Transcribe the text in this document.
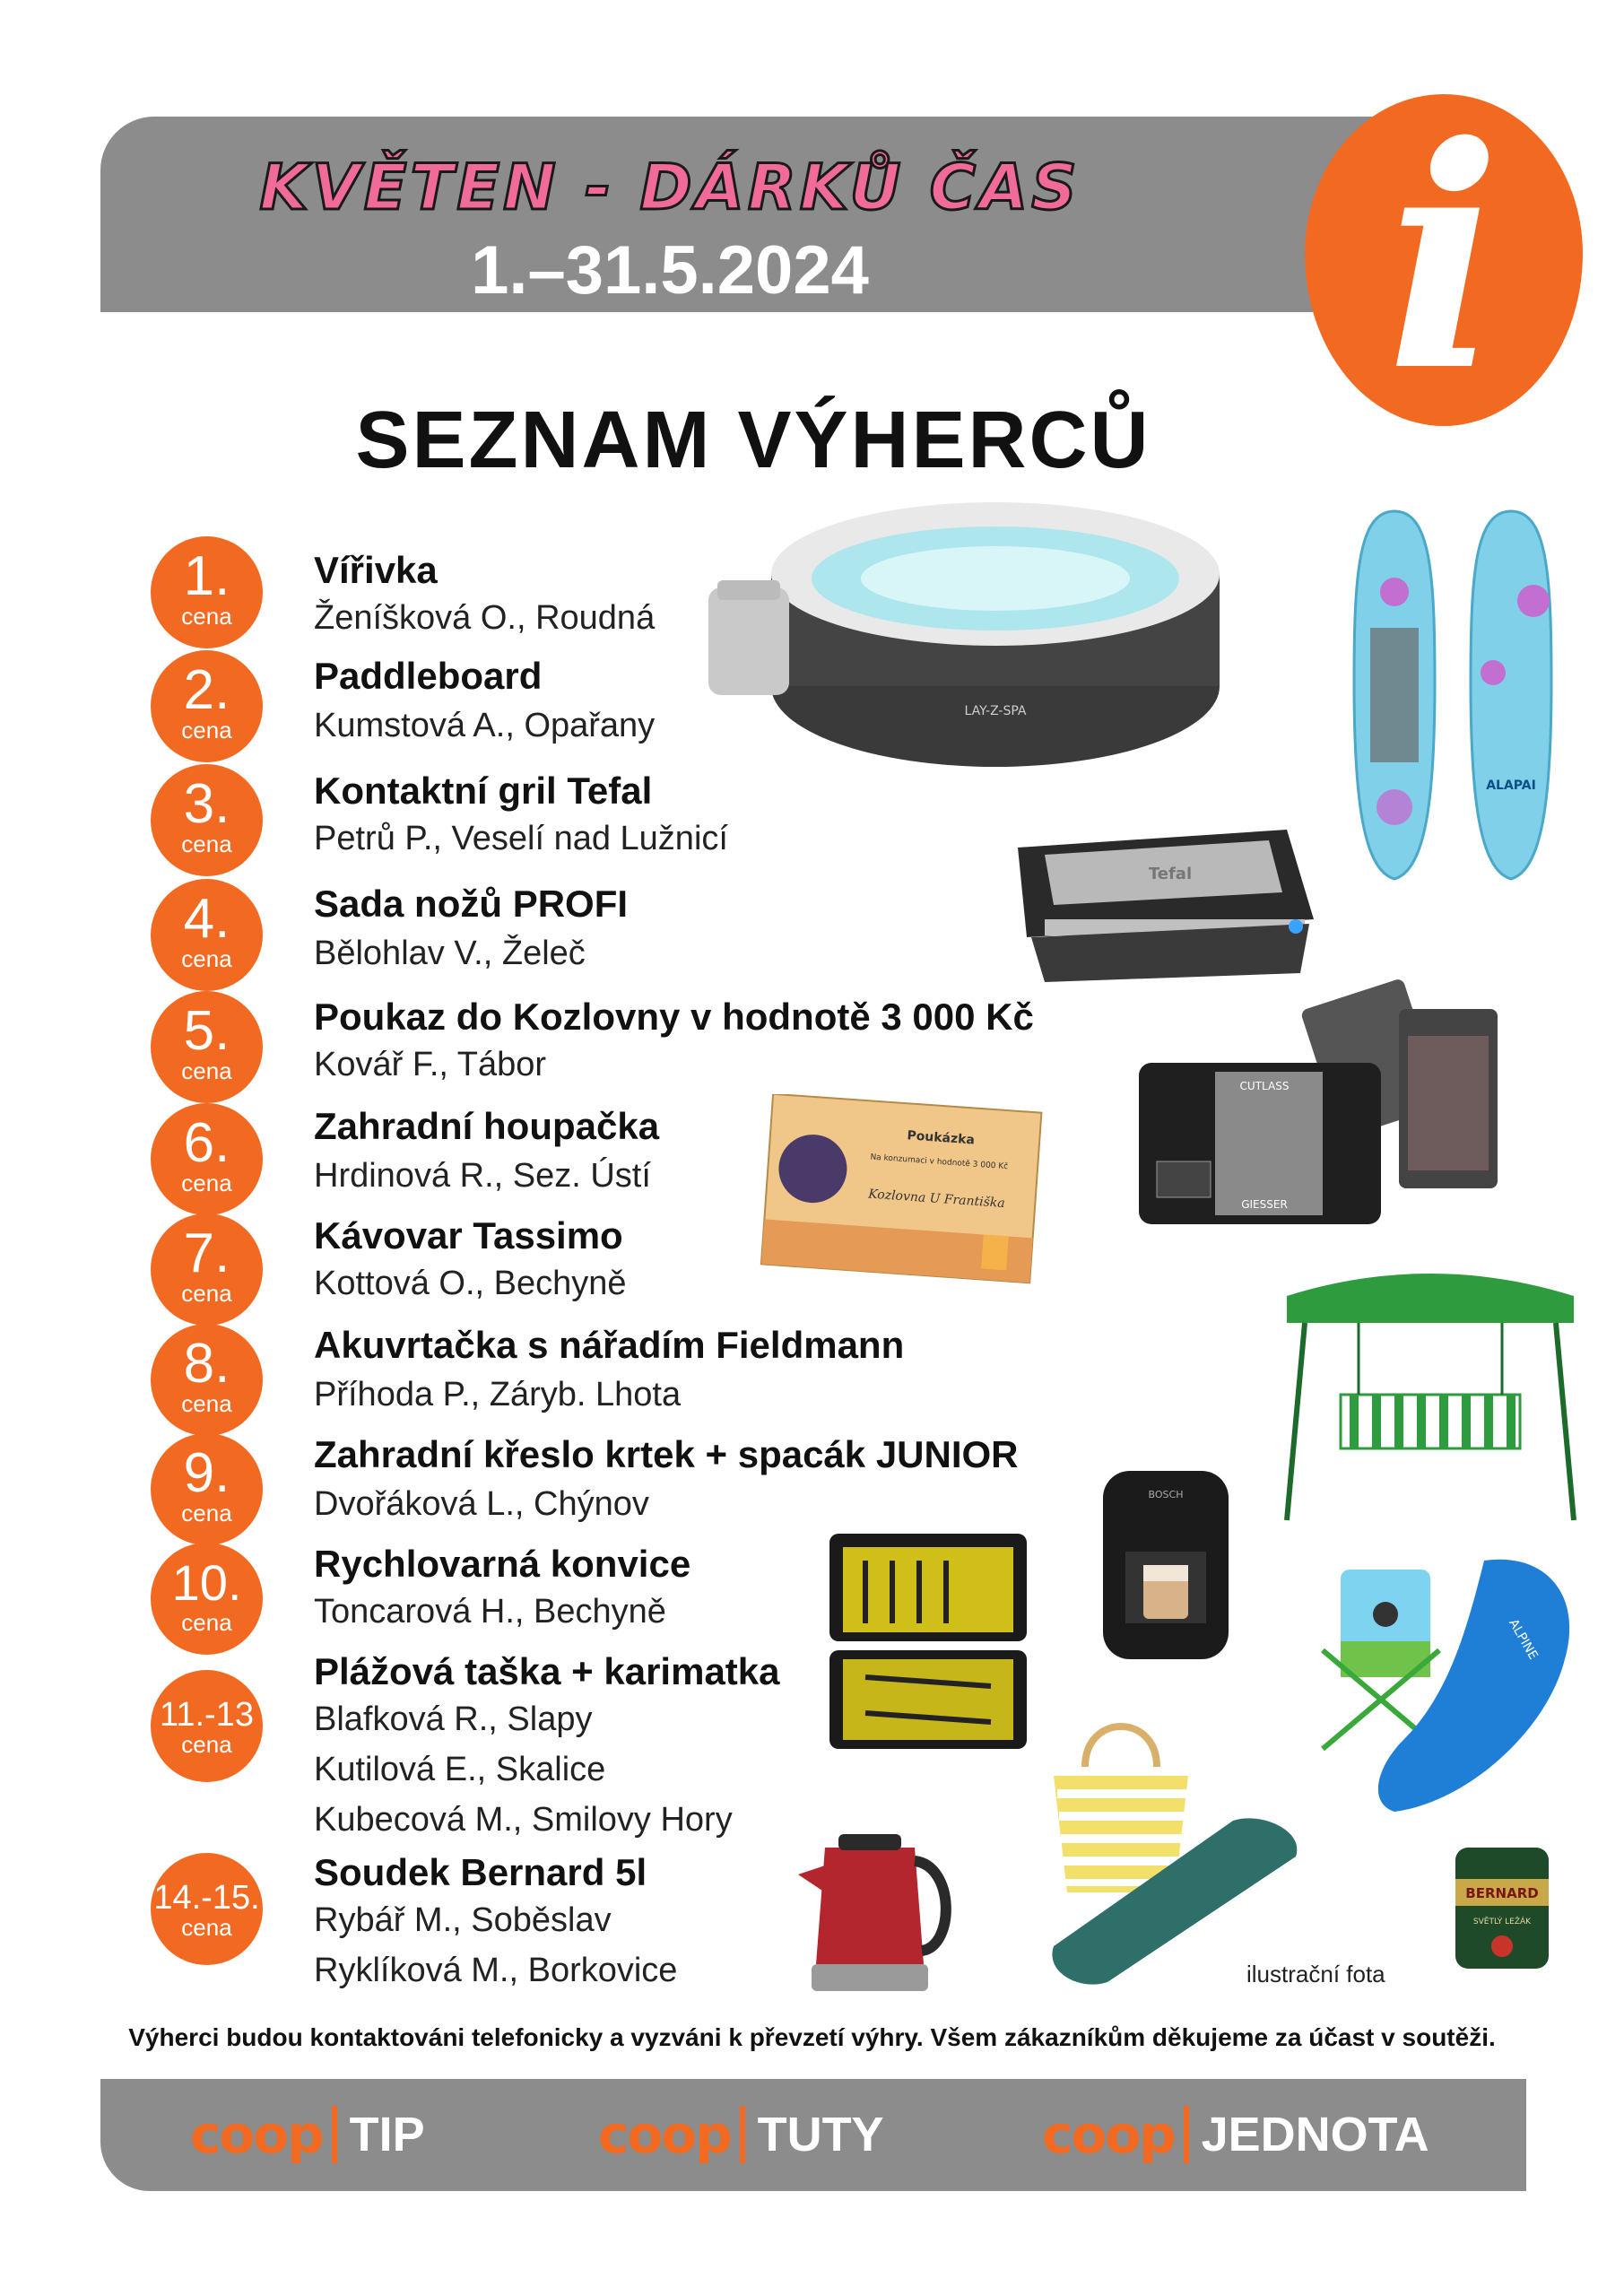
KVĚTEN - DÁRKŮ ČAS
1.–31.5.2024	i
SEZNAM VÝHERCŮ
1.
cena
Vířivka
Ženíšková O., Roudná
2.
cena
Paddleboard
Kumstová A., Opařany
3.
cena
Kontaktní gril Tefal
Petrů P., Veselí nad Lužnicí
4.
cena
Sada nožů PROFI
Bělohlav V., Želeč
5.
cena
Poukaz do Kozlovny v hodnotě 3 000 Kč
Kovář F., Tábor
6.
cena
Zahradní houpačka
Hrdinová R., Sez. Ústí
7.
cena
Kávovar Tassimo
Kottová O., Bechyně
8.
cena
Akuvrtačka s nářadím Fieldmann
Příhoda P., Záryb. Lhota
9.
cena
Zahradní křeslo krtek + spacák JUNIOR
Dvořáková L., Chýnov
10.
cena
Rychlovarná konvice
Toncarová H., Bechyně
11.-13
cena
Plážová taška + karimatka
Blafková R., Slapy
Kutilová E., Skalice
Kubecová M., Smilovy Hory
14.-15.
cena
Soudek Bernard 5l
Rybář M., Soběslav
Ryklíková M., Borkovice
LAY-Z-SPA
ALAPAI
Tefal
CUTLASS
GIESSER
Poukázka
Na konzumaci v hodnotě 3 000 Kč
Kozlovna U Františka
BOSCH
ALPINE
BERNARD
SVĚTLÝ LEŽÁK
ilustrační fota
Výherci budou kontaktováni telefonicky a vyzváni k převzetí výhry. Všem zákazníkům děkujeme za účast v soutěži.
coop TIP	coop TUTY	coop JEDNOTA
